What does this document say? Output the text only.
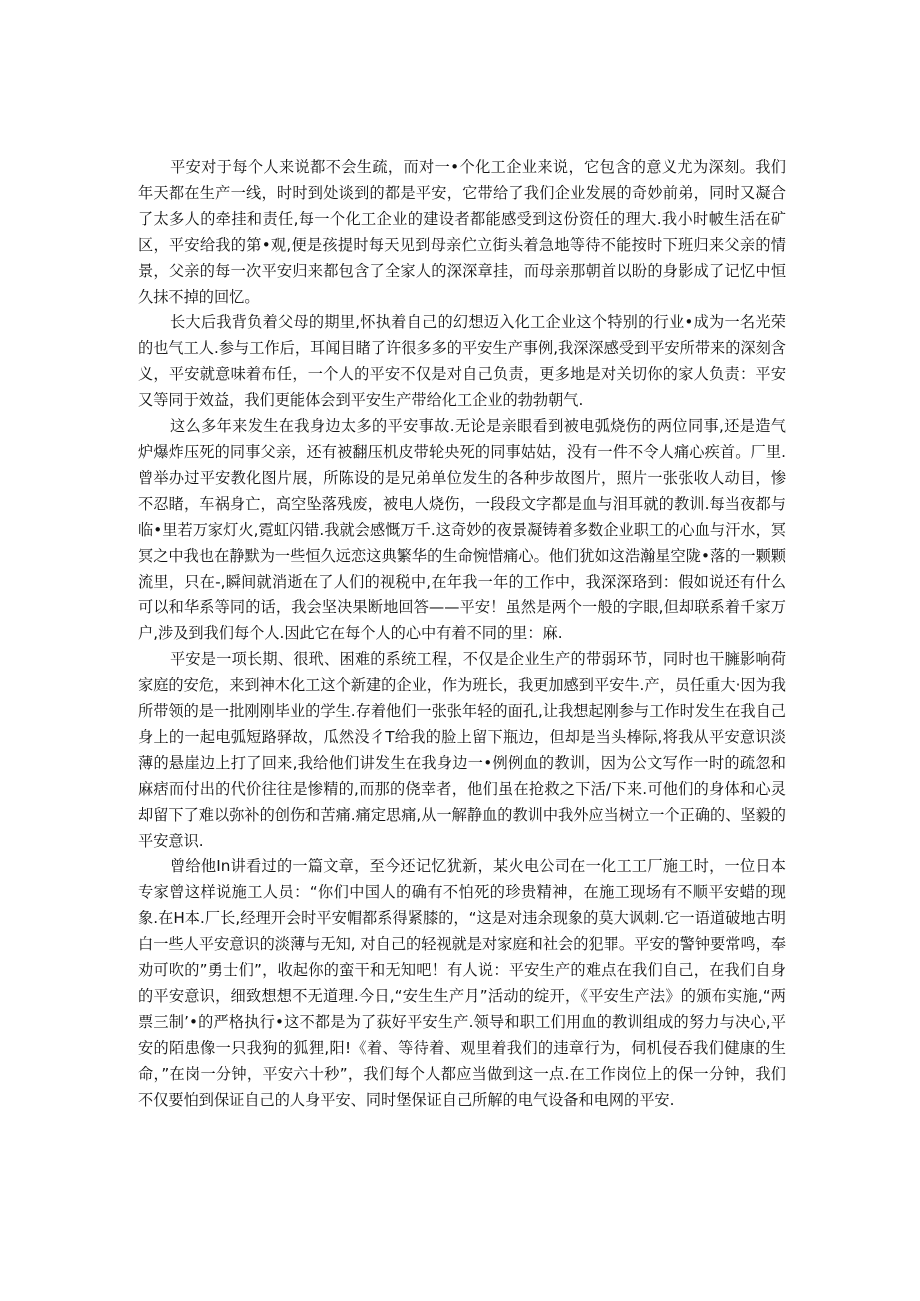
平安对于每个人来说都不会生疏，而对一•个化工企业来说，它包含的意义尤为深刻。我们年天都在生产一线，时时到处谈到的都是平安，它带给了我们企业发展的奇妙前弟，同时又凝合了太多人的牵挂和责任,每一个化工企业的建设者都能感受到这份资任的理大.我小时帔生活在矿区，平安给我的第•观,便是孩提时每天见到母亲伫立街头着急地等待不能按时下班归来父亲的情景，父亲的每一次平安归来都包含了全家人的深深章挂，而母亲那朝首以盼的身影成了记忆中恒久抹不掉的回忆。

长大后我背负着父母的期里,怀执着自己的幻想迈入化工企业这个特别的行业•成为一名光荣的也气工人.参与工作后，耳闻目睹了许很多多的平安生产事例,我深深感受到平安所带来的深刻含义，平安就意味着布任，一个人的平安不仅是对自己负责，更多地是对关切你的家人负责：平安又等同于效益，我们更能体会到平安生产带给化工企业的勃勃朝气.

这么多年来发生在我身边太多的平安事故.无论是亲眼看到被电弧烧伤的两位同事,还是造气炉爆炸压死的同事父亲，还有被翻压机皮带轮央死的同事姑姑，没有一件不令人痛心疾首。厂里.曾举办过平安教化图片展，所陈设的是兄弟单位发生的各种步故图片，照片一张张收人动目，惨不忍睹，车祸身亡，高空坠落残废，被电人烧伤，一段段文字都是血与泪耳就的教训.每当夜都与临•里若万家灯火,霓虹闪错.我就会感慨万千.这奇妙的夜景凝铸着多数企业职工的心血与汗水，冥冥之中我也在静默为一些恒久远恋这典繁华的生命惋惜痛心。他们犹如这浩瀚星空陇•落的一颗颗流里，只在-,瞬间就消逝在了人们的视税中,在年我一年的工作中，我深深珞到：假如说还有什么可以和华系等同的话，我会坚决果断地回答——平安！虽然是两个一般的字眼,但却联系着千家万户,涉及到我们每个人.因此它在每个人的心中有着不同的里：麻.

平安是一项长期、很玳、困难的系统工程，不仅是企业生产的带弱环节，同时也干臃影响荷家庭的安危，来到神木化工这个新建的企业，作为班长，我更加感到平安牛.产，员任重大·因为我所带领的是一批刚刚毕业的学生.存着他们一张张年轻的面孔,让我想起刚参与工作时发生在我自己身上的一起电弧短路驿故，瓜然没彳T给我的脸上留下瓶边，但却是当头棒际,将我从平安意识淡薄的悬崖边上打了回来,我给他们讲发生在我身边一•例例血的教训，因为公文写作一时的疏忽和麻痞而付出的代价往往是惨精的,而那的侥幸者，他们虽在抢救之下活/下来.可他们的身体和心灵却留下了难以弥补的创伤和苦痛.痛定思痛,从一解静血的教训中我外应当树立一个正确的、坚毅的平安意识.

曾给他In讲看过的一篇文章，至今还记忆犹新，某火电公司在一化工工厂施工时，一位日本专家曾这样说施工人员：“你们中国人的确有不怕死的珍贵精神，在施工现场有不顺平安蜡的现象.在H本.厂长,经理开会时平安帽都系得紧膝的，“这是对违余现象的莫大讽刺.它一语道破地古明白一些人平安意识的淡薄与无知, 对自己的轻视就是对家庭和社会的犯罪。平安的警钟要常鸣，奉劝可吹的”勇士们”，收起你的蛮干和无知吧！有人说：平安生产的难点在我们自己，在我们自身的平安意识，细致想想不无道理.今日,“安生生产月”活动的绽开，《平安生产法》的颁布实施,“两票三制’•的严格执行•这不都是为了荻好平安生产.领导和职工们用血的教训组成的努力与决心,平安的陌患像一只我狗的狐狸,阳!《着、等待着、观里着我们的违章行为，伺机侵吞我们健康的生命，”在岗一分钟，平安六十秒”，我们每个人都应当做到这一点.在工作岗位上的保一分钟，我们不仅要怕到保证自己的人身平安、同时堡保证自己所解的电气设备和电网的平安.
